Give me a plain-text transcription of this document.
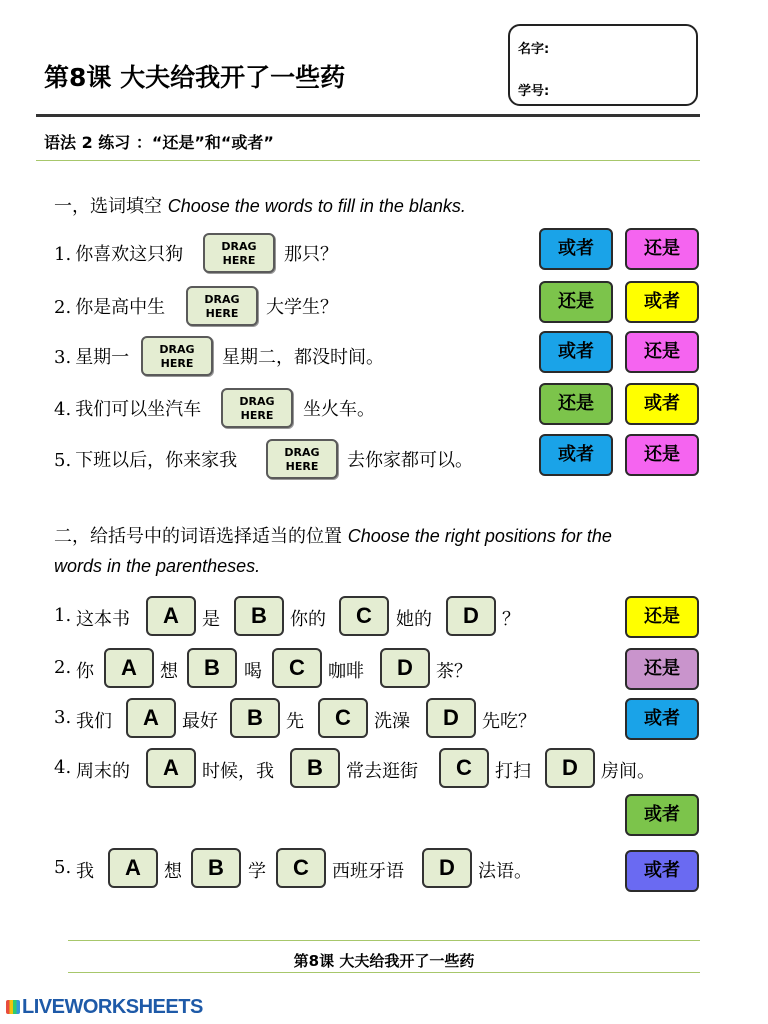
第8课 大夫给我开了一些药
名字:
学号:
语法 2 练习 ：“还是”和“或者”
一，选词填空 Choose the words to fill in the blanks.
1. 你喜欢这只狗	DRAG
HERE	那只？	或者	还是
2. 你是高中生	DRAG
HERE	大学生？	还是	或者
3. 星期一	DRAG
HERE	星期二，都没时间。	或者	还是
4. 我们可以坐汽车	DRAG
HERE	坐火车。	还是	或者
5. 下班以后，你来家我	DRAG
HERE	去你家都可以。	或者	还是
二，给括号中的词语选择适当的位置 Choose the right positions for the
words in the parentheses.
1. 这本书	A	是	B	你的	C	她的	D	？	还是
2. 你	A	想	B	喝	C	咖啡	D	茶？	还是
3. 我们	A	最好	B	先	C	洗澡	D	先吃？	或者
4. 周末的	A	时候，我	B	常去逛街	C	打扫	D	房间。
或者
5. 我	A	想	B	学	C	西班牙语	D	法语。	或者
第8课 大夫给我开了一些药
LIVEWORKSHEETS
